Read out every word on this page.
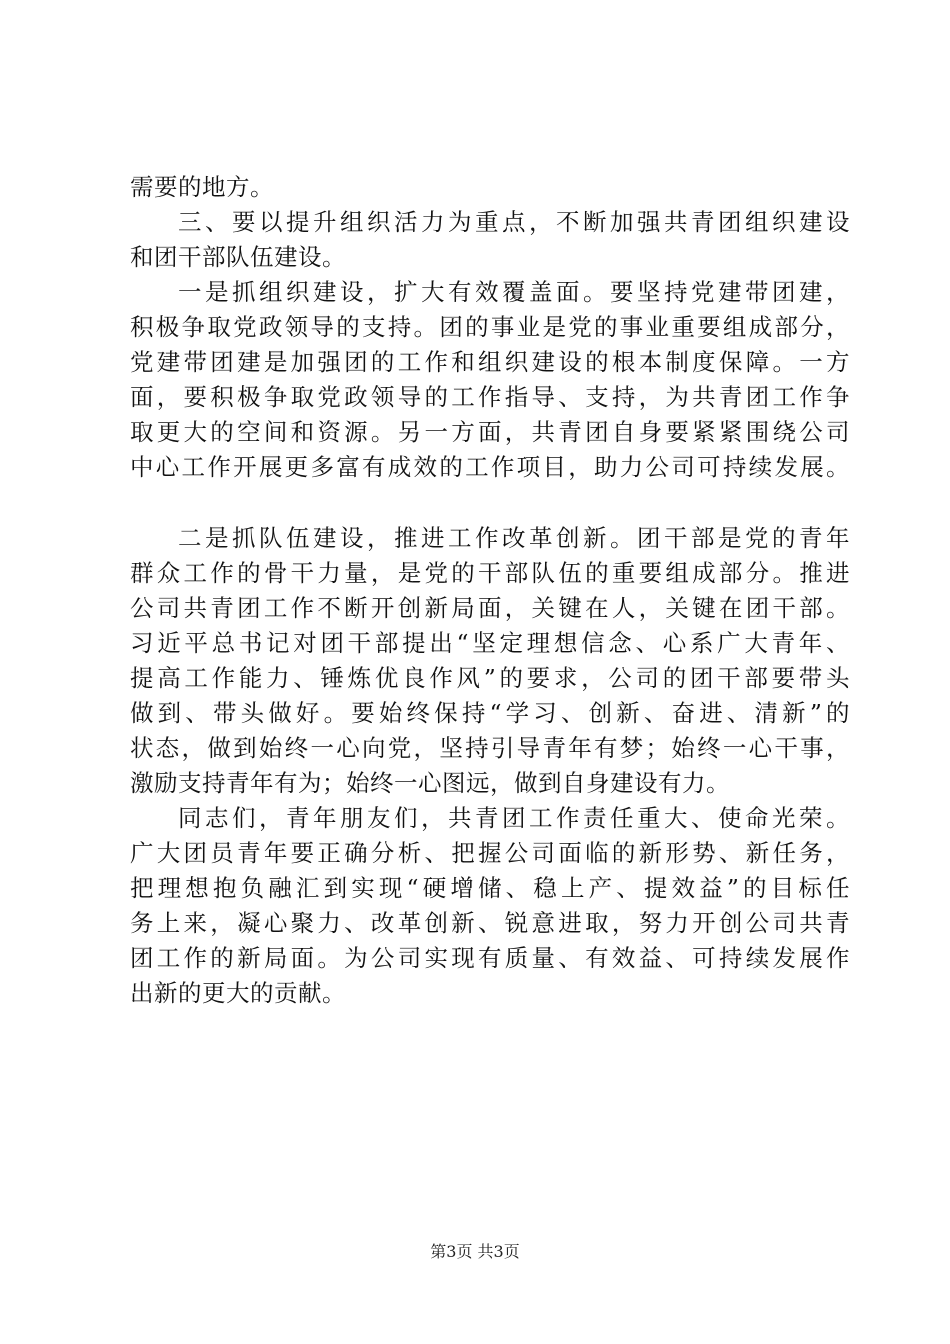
需要的地方。
三、要以提升组织活力为重点，不断加强共青团组织建设
和团干部队伍建设。
一是抓组织建设，扩大有效覆盖面。要坚持党建带团建，
积极争取党政领导的支持。团的事业是党的事业重要组成部分，
党建带团建是加强团的工作和组织建设的根本制度保障。一方
面，要积极争取党政领导的工作指导、支持，为共青团工作争
取更大的空间和资源。另一方面，共青团自身要紧紧围绕公司
中心工作开展更多富有成效的工作项目，助力公司可持续发展。
二是抓队伍建设，推进工作改革创新。团干部是党的青年
群众工作的骨干力量，是党的干部队伍的重要组成部分。推进
公司共青团工作不断开创新局面，关键在人，关键在团干部。
习近平总书记对团干部提出“坚定理想信念、心系广大青年、
提高工作能力、锤炼优良作风”的要求，公司的团干部要带头
做到、带头做好。要始终保持“学习、创新、奋进、清新”的
状态，做到始终一心向党，坚持引导青年有梦；始终一心干事，
激励支持青年有为；始终一心图远，做到自身建设有力。
同志们，青年朋友们，共青团工作责任重大、使命光荣。
广大团员青年要正确分析、把握公司面临的新形势、新任务，
把理想抱负融汇到实现“硬增储、稳上产、提效益”的目标任
务上来，凝心聚力、改革创新、锐意进取，努力开创公司共青
团工作的新局面。为公司实现有质量、有效益、可持续发展作
出新的更大的贡献。
第3页 共3页
